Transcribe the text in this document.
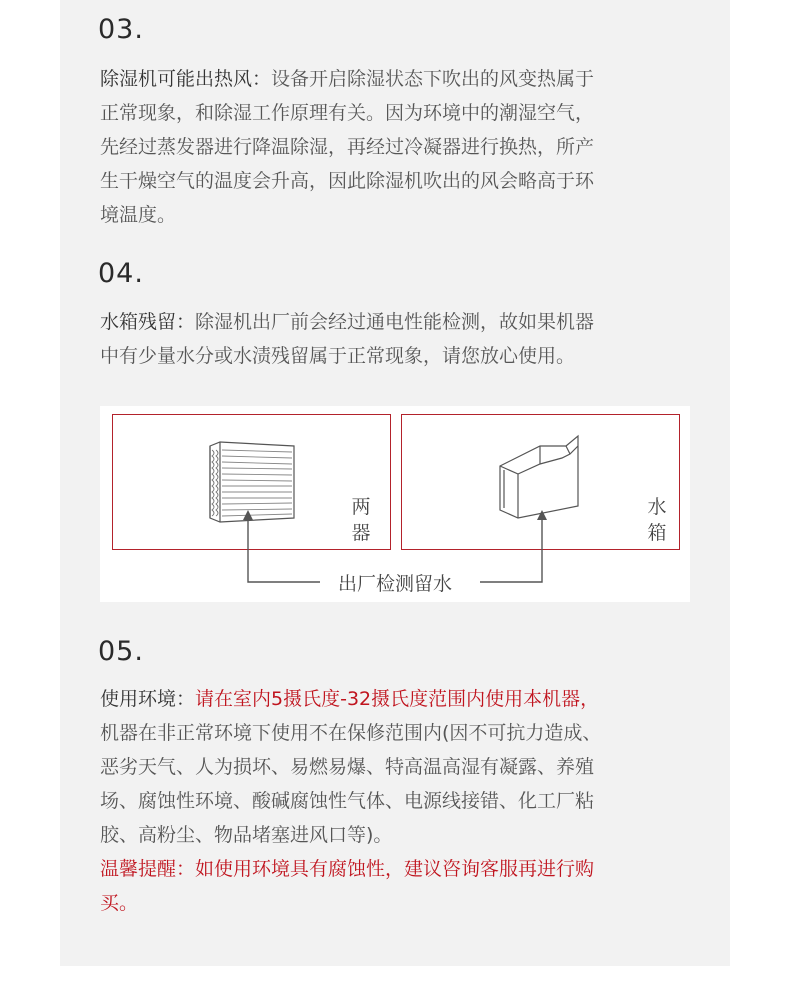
03.
除湿机可能出热风：设备开启除湿状态下吹出的风变热属于
正常现象，和除湿工作原理有关。因为环境中的潮湿空气，
先经过蒸发器进行降温除湿，再经过冷凝器进行换热，所产
生干燥空气的温度会升高，因此除湿机吹出的风会略高于环
境温度。
04.
水箱残留：除湿机出厂前会经过通电性能检测，故如果机器
中有少量水分或水渍残留属于正常现象，请您放心使用。
两
器
水
箱
出厂检测留水
05.
使用环境：请在室内5摄氏度-32摄氏度范围内使用本机器，
机器在非正常环境下使用不在保修范围内(因不可抗力造成、
恶劣天气、人为损坏、易燃易爆、特高温高湿有凝露、养殖
场、腐蚀性环境、酸碱腐蚀性气体、电源线接错、化工厂粘
胶、高粉尘、物品堵塞进风口等)。
温馨提醒：如使用环境具有腐蚀性，建议咨询客服再进行购
买。
